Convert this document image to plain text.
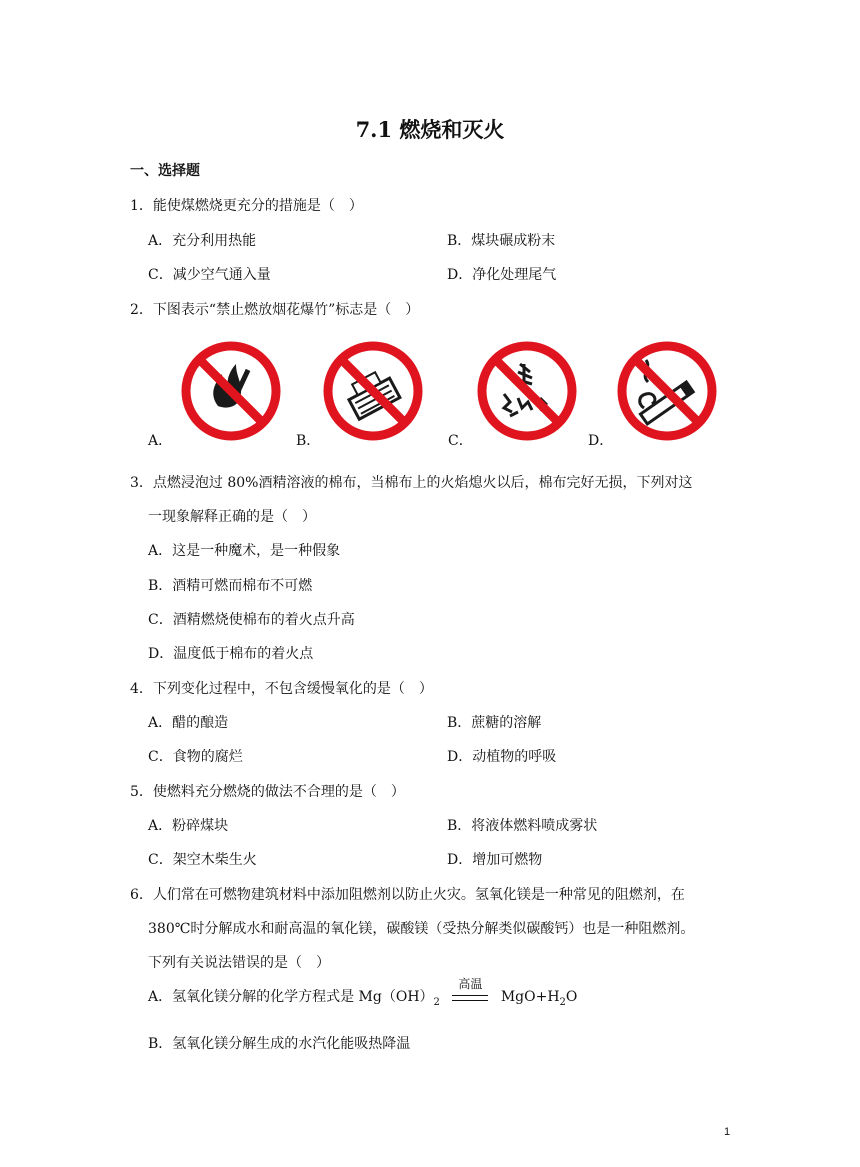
7.1 燃烧和灭火
一、选择题
1．能使煤燃烧更充分的措施是（　）
A．充分利用热能	B．煤块碾成粉末
C．减少空气通入量	D．净化处理尾气
2．下图表示“禁止燃放烟花爆竹”标志是（　）
A．	B．	C．	D．
3．点燃浸泡过 80%酒精溶液的棉布，当棉布上的火焰熄火以后，棉布完好无损，下列对这
一现象解释正确的是（　）
A．这是一种魔术，是一种假象
B．酒精可燃而棉布不可燃
C．酒精燃烧使棉布的着火点升高
D．温度低于棉布的着火点
4．下列变化过程中，不包含缓慢氧化的是（　）
A．醋的酿造	B．蔗糖的溶解
C．食物的腐烂	D．动植物的呼吸
5．使燃料充分燃烧的做法不合理的是（　）
A．粉碎煤块	B．将液体燃料喷成雾状
C．架空木柴生火	D．增加可燃物
6．人们常在可燃物建筑材料中添加阻燃剂以防止火灾。氢氧化镁是一种常见的阻燃剂，在
380℃时分解成水和耐高温的氧化镁，碳酸镁（受热分解类似碳酸钙）也是一种阻燃剂。
下列有关说法错误的是（　）
A．氢氧化镁分解的化学方程式是 $Mg(OH)_2$
高温
$MgO+H_2O$
B．氢氧化镁分解生成的水汽化能吸热降温
1
